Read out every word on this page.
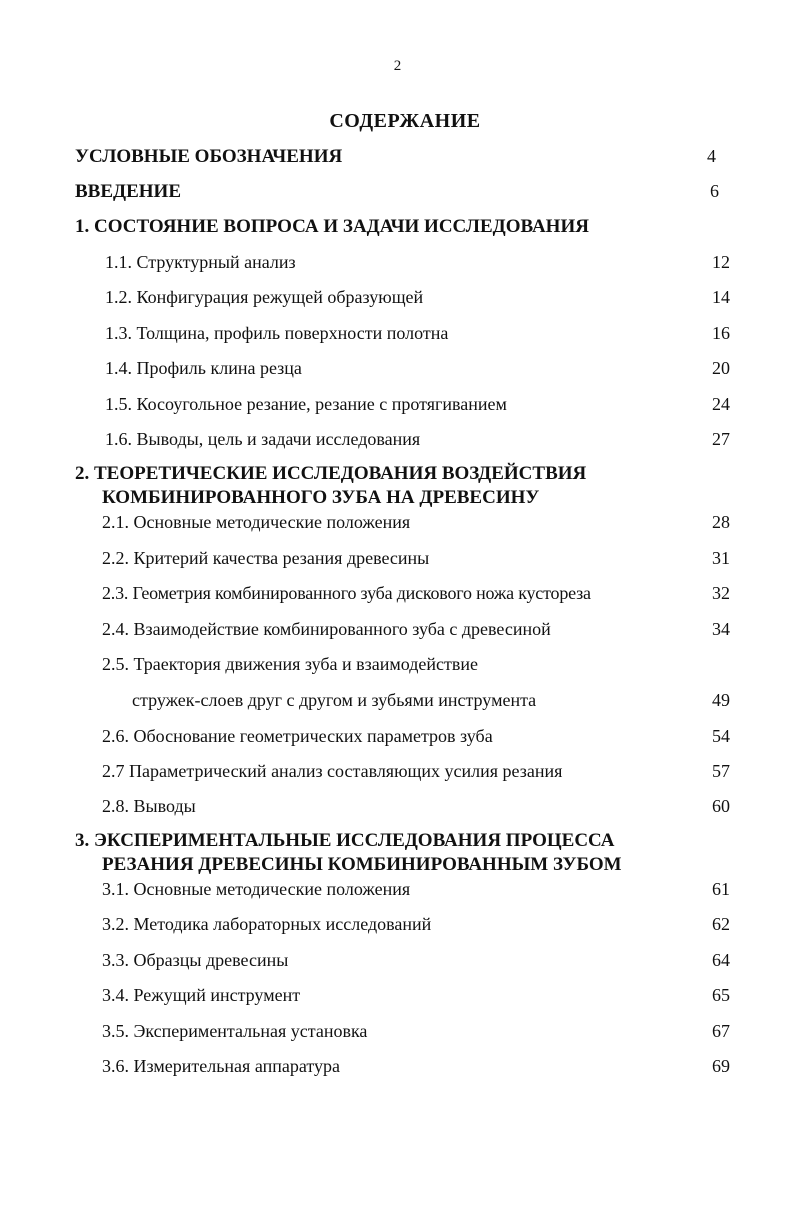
2
СОДЕРЖАНИЕ
УСЛОВНЫЕ ОБОЗНАЧЕНИЯ	4
ВВЕДЕНИЕ	6
1. СОСТОЯНИЕ ВОПРОСА И ЗАДАЧИ ИССЛЕДОВАНИЯ
1.1. Структурный анализ	12
1.2. Конфигурация режущей образующей	14
1.3. Толщина, профиль поверхности полотна	16
1.4. Профиль клина резца	20
1.5. Косоугольное резание, резание с протягиванием	24
1.6. Выводы, цель и задачи исследования	27
2. ТЕОРЕТИЧЕСКИЕ ИССЛЕДОВАНИЯ ВОЗДЕЙСТВИЯ
КОМБИНИРОВАННОГО ЗУБА НА ДРЕВЕСИНУ
2.1. Основные методические положения	28
2.2. Критерий качества резания древесины	31
2.3. Геометрия комбинированного зуба дискового ножа кустореза	32
2.4. Взаимодействие комбинированного зуба с древесиной	34
2.5. Траектория движения зуба и взаимодействие
стружек-слоев друг с другом и зубьями инструмента	49
2.6. Обоснование геометрических параметров зуба	54
2.7 Параметрический анализ составляющих усилия резания	57
2.8. Выводы	60
3. ЭКСПЕРИМЕНТАЛЬНЫЕ ИССЛЕДОВАНИЯ ПРОЦЕССА
РЕЗАНИЯ ДРЕВЕСИНЫ КОМБИНИРОВАННЫМ ЗУБОМ
3.1. Основные методические положения	61
3.2. Методика лабораторных исследований	62
3.3. Образцы древесины	64
3.4. Режущий инструмент	65
3.5. Экспериментальная установка	67
3.6. Измерительная аппаратура	69
